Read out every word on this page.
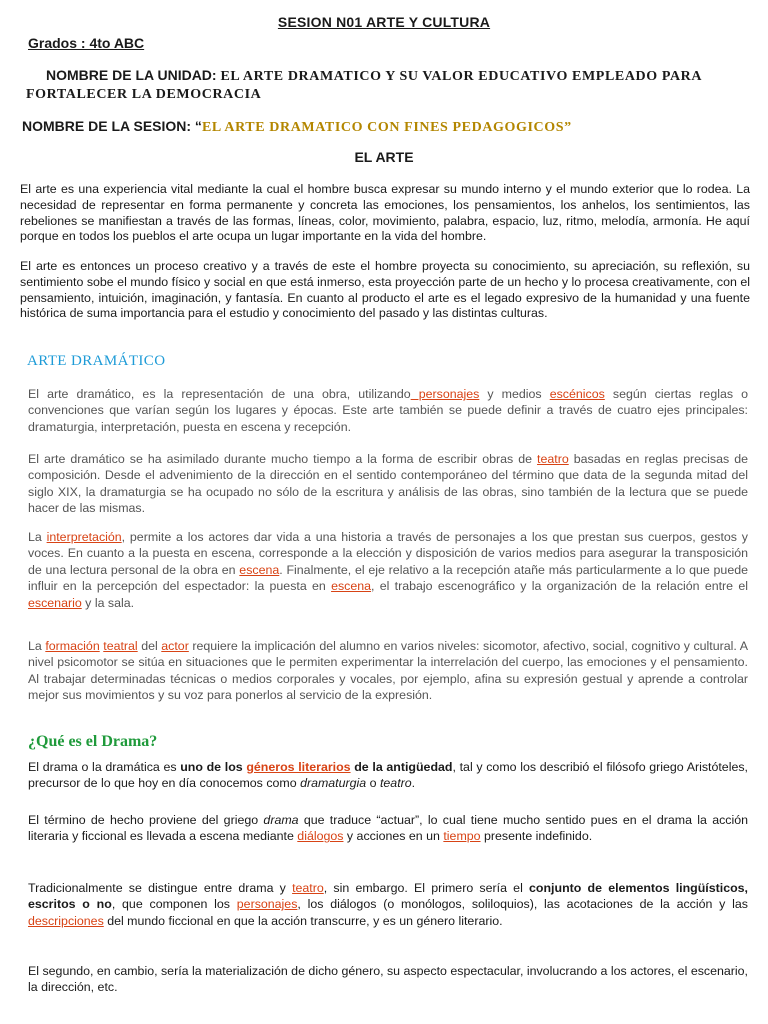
SESION N01 ARTE Y CULTURA
Grados : 4to ABC
NOMBRE DE LA UNIDAD: EL ARTE DRAMATICO Y SU VALOR EDUCATIVO EMPLEADO PARA FORTALECER LA DEMOCRACIA
NOMBRE DE LA SESION: “EL ARTE DRAMATICO CON FINES PEDAGOGICOS”
EL ARTE
El arte es una experiencia vital mediante la cual el hombre busca expresar su mundo interno y el mundo exterior que lo rodea. La necesidad de representar en forma permanente y concreta las emociones, los pensamientos, los anhelos, los sentimientos, las rebeliones se manifiestan a través de las formas, líneas, color, movimiento, palabra, espacio, luz, ritmo, melodía, armonía. He aquí porque en todos los pueblos el arte ocupa un lugar importante en la vida del hombre.
El arte es entonces un proceso creativo y a través de este el hombre proyecta su conocimiento, su apreciación, su reflexión, su sentimiento sobe el mundo físico y social en que está inmerso, esta proyección parte de un hecho y lo procesa creativamente, con el pensamiento, intuición, imaginación, y fantasía. En cuanto al producto el arte es el legado expresivo de la humanidad y una fuente histórica de suma importancia para el estudio y conocimiento del pasado y las distintas culturas.
ARTE DRAMÁTICO
El arte dramático, es la representación de una obra, utilizando personajes y medios escénicos según ciertas reglas o convenciones que varían según los lugares y épocas. Este arte también se puede definir a través de cuatro ejes principales: dramaturgia, interpretación, puesta en escena y recepción.
El arte dramático se ha asimilado durante mucho tiempo a la forma de escribir obras de teatro basadas en reglas precisas de composición. Desde el advenimiento de la dirección en el sentido contemporáneo del término que data de la segunda mitad del siglo XIX, la dramaturgia se ha ocupado no sólo de la escritura y análisis de las obras, sino también de la lectura que se puede hacer de las mismas.
La interpretación, permite a los actores dar vida a una historia a través de personajes a los que prestan sus cuerpos, gestos y voces. En cuanto a la puesta en escena, corresponde a la elección y disposición de varios medios para asegurar la transposición de una lectura personal de la obra en escena. Finalmente, el eje relativo a la recepción atañe más particularmente a lo que puede influir en la percepción del espectador: la puesta en escena, el trabajo escenográfico y la organización de la relación entre el escenario y la sala.
La formación teatral del actor requiere la implicación del alumno en varios niveles: sicomotor, afectivo, social, cognitivo y cultural. A nivel psicomotor se sitúa en situaciones que le permiten experimentar la interrelación del cuerpo, las emociones y el pensamiento. Al trabajar determinadas técnicas o medios corporales y vocales, por ejemplo, afina su expresión gestual y aprende a controlar mejor sus movimientos y su voz para ponerlos al servicio de la expresión.
¿Qué es el Drama?
El drama o la dramática es uno de los géneros literarios de la antigüedad, tal y como los describió el filósofo griego Aristóteles, precursor de lo que hoy en día conocemos como dramaturgia o teatro.
El término de hecho proviene del griego drama que traduce “actuar”, lo cual tiene mucho sentido pues en el drama la acción literaria y ficcional es llevada a escena mediante diálogos y acciones en un tiempo presente indefinido.
Tradicionalmente se distingue entre drama y teatro, sin embargo. El primero sería el conjunto de elementos lingüísticos, escritos o no, que componen los personajes, los diálogos (o monólogos, soliloquios), las acotaciones de la acción y las descripciones del mundo ficcional en que la acción transcurre, y es un género literario.
El segundo, en cambio, sería la materialización de dicho género, su aspecto espectacular, involucrando a los actores, el escenario, la dirección, etc.
